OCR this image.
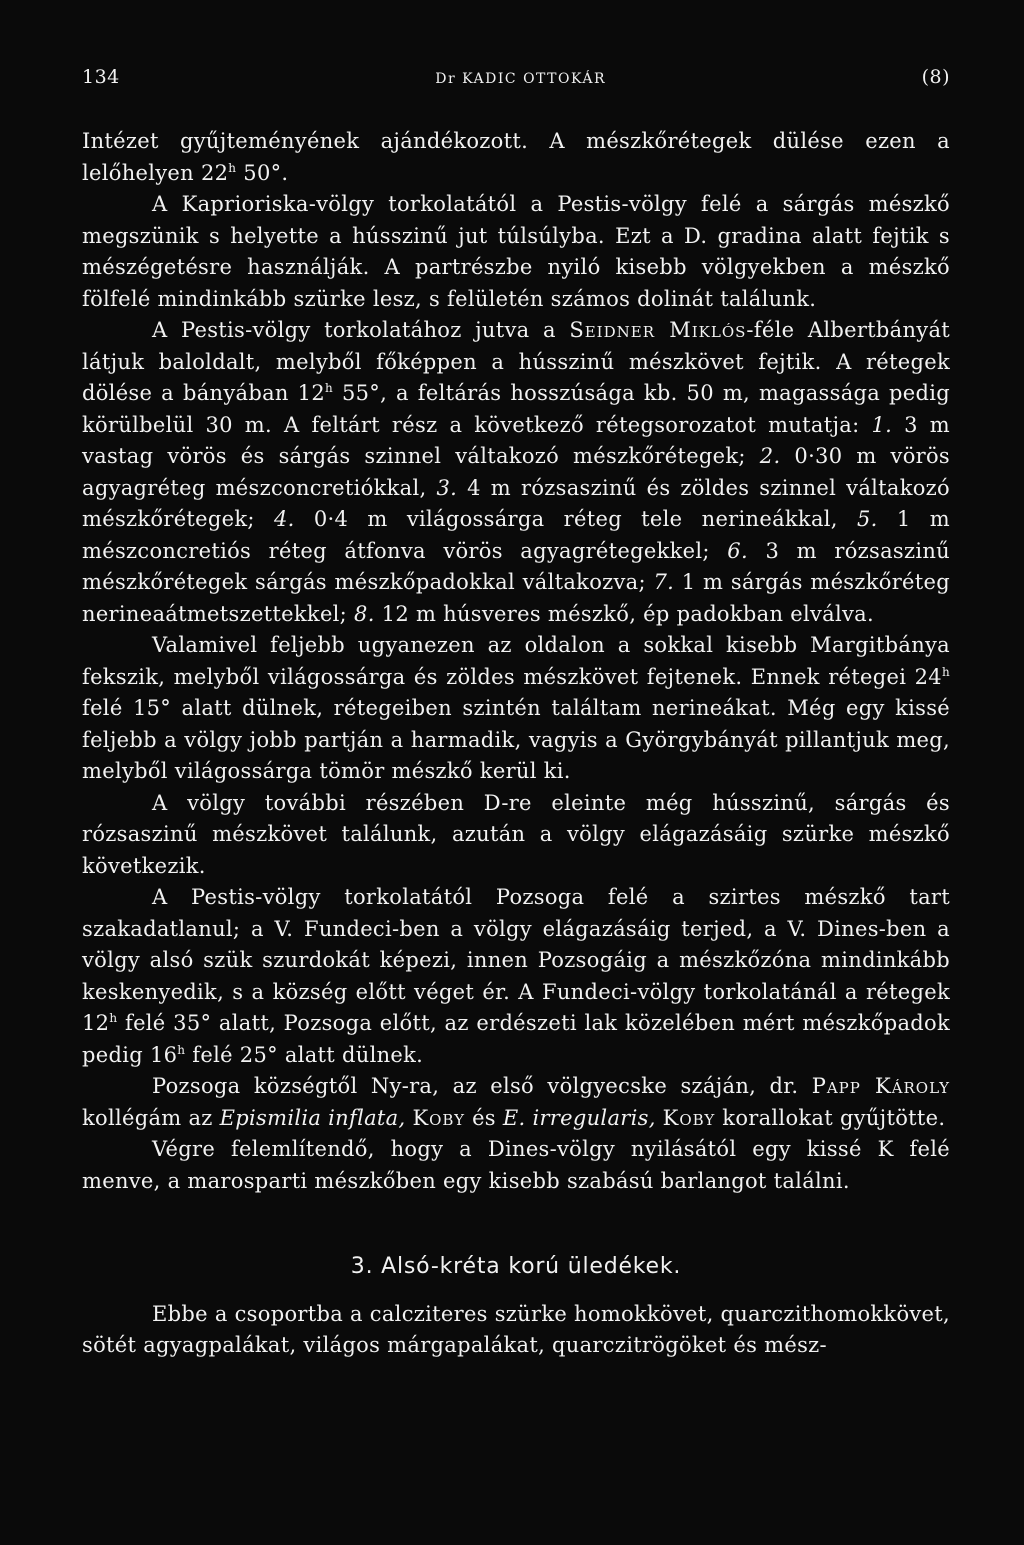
134	Dr KADIC OTTOKÁR	(8)

Intézet gyűjteményének ajándékozott. A mészkőrétegek dülése ezen a lelőhelyen 22$^h$ 50°.

A Kaprioriska-völgy torkolatától a Pestis-völgy felé a sárgás mészkő megszünik s helyette a hússzinű jut túlsúlyba. Ezt a D. gradina alatt fejtik s mészégetésre használják. A partrészbe nyiló kisebb völgyekben a mészkő fölfelé mindinkább szürke lesz, s felületén számos dolinát találunk.

A Pestis-völgy torkolatához jutva a Seidner Miklós-féle Albertbányát látjuk baloldalt, melyből főképpen a hússzinű mészkövet fejtik. A rétegek dölése a bányában 12$^h$ 55°, a feltárás hosszúsága kb. 50 m, magassága pedig körülbelül 30 m. A feltárt rész a következő rétegsorozatot mutatja: 1. 3 m vastag vörös és sárgás szinnel váltakozó mészkőrétegek; 2. 0·30 m vörös agyagréteg mészconcretiókkal, 3. 4 m rózsaszinű és zöldes szinnel váltakozó mészkőrétegek; 4. 0·4 m világossárga réteg tele nerineákkal, 5. 1 m mészconcretiós réteg átfonva vörös agyagrétegekkel; 6. 3 m rózsaszinű mészkőrétegek sárgás mészkőpadokkal váltakozva; 7. 1 m sárgás mészkőréteg nerineaátmetszettekkel; 8. 12 m húsveres mészkő, ép padokban elválva.

Valamivel feljebb ugyanezen az oldalon a sokkal kisebb Margitbánya fekszik, melyből világossárga és zöldes mészkövet fejtenek. Ennek rétegei 24$^h$ felé 15° alatt dülnek, rétegeiben szintén találtam nerineákat. Még egy kissé feljebb a völgy jobb partján a harmadik, vagyis a Györgybányát pillantjuk meg, melyből világossárga tömör mészkő kerül ki.

A völgy további részében D-re eleinte még hússzinű, sárgás és rózsaszinű mészkövet találunk, azután a völgy elágazásáig szürke mészkő következik.

A Pestis-völgy torkolatától Pozsoga felé a szirtes mészkő tart szakadatlanul; a V. Fundeci-ben a völgy elágazásáig terjed, a V. Dines-ben a völgy alsó szük szurdokát képezi, innen Pozsogáig a mészkőzóna mindinkább keskenyedik, s a község előtt véget ér. A Fundeci-völgy torkolatánál a rétegek 12$^h$ felé 35° alatt, Pozsoga előtt, az erdészeti lak közelében mért mészkőpadok pedig 16$^h$ felé 25° alatt dülnek.

Pozsoga községtől Ny-ra, az első völgyecske száján, dr. Papp Károly kollégám az Epismilia inflata, Koby és E. irregularis, Koby korallokat gyűjtötte.

Végre felemlítendő, hogy a Dines-völgy nyilásától egy kissé K felé menve, a marosparti mészkőben egy kisebb szabású barlangot találni.

3. Alsó-kréta korú üledékek.

Ebbe a csoportba a calcziteres szürke homokkövet, quarczithomokkövet, sötét agyagpalákat, világos márgapalákat, quarczitrögöket és mész-
